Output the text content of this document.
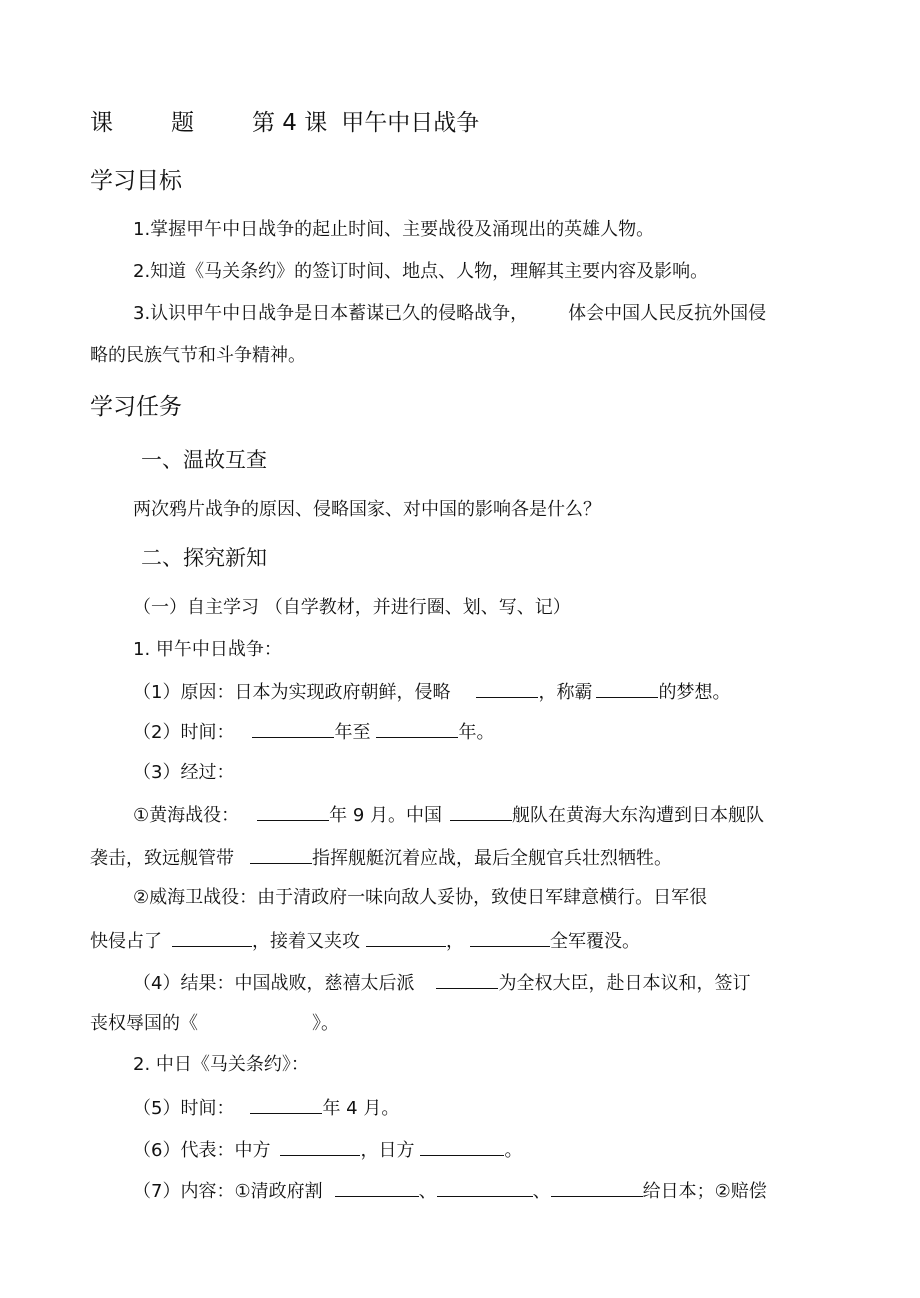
课	题	第 4 课 甲午中日战争
学习目标
1.掌握甲午中日战争的起止时间、主要战役及涌现出的英雄人物。
2.知道《马关条约》的签订时间、地点、人物，理解其主要内容及影响。
3.认识甲午中日战争是日本蓄谋已久的侵略战争， 体会中国人民反抗外国侵
略的民族气节和斗争精神。
学习任务
一、温故互查
两次鸦片战争的原因、侵略国家、对中国的影响各是什么？
二、探究新知
（一）自主学习 （自学教材，并进行圈、划、写、记）
1. 甲午中日战争：
（1）原因：日本为实现政府朝鲜，侵略	，称霸	的梦想。
（2）时间：	年至	年。
（3）经过：
①黄海战役：	年 9 月。中国	舰队在黄海大东沟遭到日本舰队
袭击，致远舰管带	指挥舰艇沉着应战，最后全舰官兵壮烈牺牲。
②威海卫战役：由于清政府一味向敌人妥协，致使日军肆意横行。日军很
快侵占了	，接着又夹攻	，	全军覆没。
（4）结果：中国战败，慈禧太后派	为全权大臣，赴日本议和，签订
丧权辱国的《	》。
2. 中日《马关条约》：
（5）时间：	年 4 月。
（6）代表：中方	，日方	。
（7）内容：①清政府割	、	、	给日本；②赔偿
